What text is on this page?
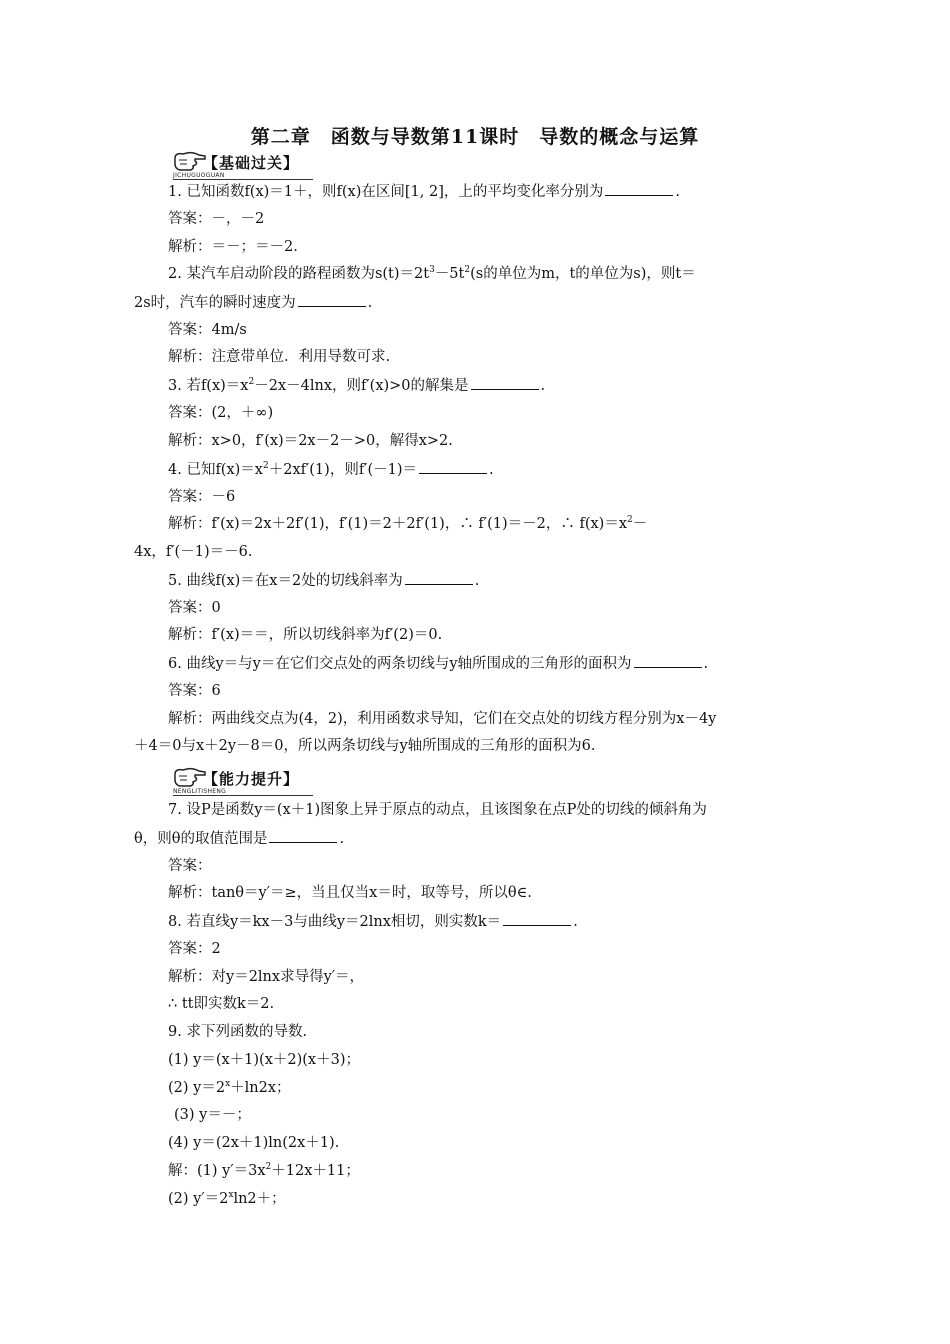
第二章　函数与导数第11课时　导数的概念与运算
【基础过关】
JICHUGUOGUAN
1. 已知函数f(x)＝1＋，则f(x)在区间[1, 2]，上的平均变化率分别为	.
答案：－，－2
解析：＝－；＝－2.
2. 某汽车启动阶段的路程函数为$s(t)=2t^3-5t^2(s$的单位为m，t的单位为s)，则t＝
2s时，汽车的瞬时速度为	.
答案：4m/s
解析：注意带单位．利用导数可求.
3. 若$f(x)=x^2-2x-4\ln x$，则f′(x)>0的解集是	.
答案：(2，＋∞)
解析：x>0，f′(x)＝2x－2－>0，解得x>2.
4. 已知$f(x)=x^2+2xf'(1)$，则f′(－1)＝	.
答案：－6
解析：f′(x)＝2x＋2f′(1)，f′(1)＝2＋2f′(1)，∴ f′(1)＝－2，∴ $f(x)=x^2-$
4x，f′(－1)＝－6.
5. 曲线f(x)＝在x＝2处的切线斜率为	.
答案：0
解析：f′(x)＝＝，所以切线斜率为f′(2)＝0.
6. 曲线y＝与y＝在它们交点处的两条切线与y轴所围成的三角形的面积为	.
答案：6
解析：两曲线交点为(4，2)，利用函数求导知，它们在交点处的切线方程分别为x－4y
＋4＝0与x＋2y－8＝0，所以两条切线与y轴所围成的三角形的面积为6.
【能力提升】
NENGLITISHENG
7. 设P是函数y＝(x＋1)图象上异于原点的动点，且该图象在点P处的切线的倾斜角为
θ，则θ的取值范围是	.
答案：
解析：tanθ＝y′＝≥，当且仅当x＝时，取等号，所以θ∈.
8. 若直线y＝kx－3与曲线y＝2lnx相切，则实数k＝	.
答案：2
解析：对y＝2lnx求导得y′＝，
∴ tt即实数k＝2.
9. 求下列函数的导数.
(1) y＝(x＋1)(x＋2)(x＋3)；
(2) $y=2^x+\ln 2x$；
(3) y＝－；
(4) y＝(2x＋1)ln(2x＋1).
解：(1) $y'=3x^2+12x+11$；
(2) $y'=2^x\ln 2+$；
